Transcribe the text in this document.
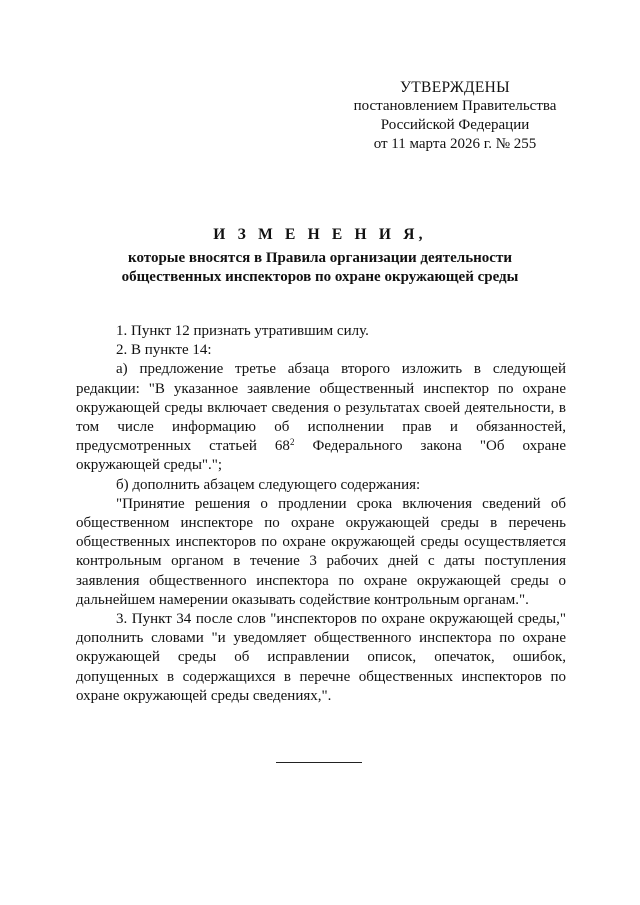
УТВЕРЖДЕНЫ
постановлением Правительства
Российской Федерации
от 11 марта 2026 г. № 255
И З М Е Н Е Н И Я,
которые вносятся в Правила организации деятельности
общественных инспекторов по охране окружающей среды

1. Пункт 12 признать утратившим силу.

2. В пункте 14:

а) предложение третье абзаца второго изложить в следующей редакции: "В указанное заявление общественный инспектор по охране окружающей среды включает сведения о результатах своей деятельности, в том числе информацию об исполнении прав и обязанностей, предусмотренных статьей $68^2$ Федерального закона "Об охране окружающей среды".";

б) дополнить абзацем следующего содержания:

"Принятие решения о продлении срока включения сведений об общественном инспекторе по охране окружающей среды в перечень общественных инспекторов по охране окружающей среды осуществляется контрольным органом в течение 3 рабочих дней с даты поступления заявления общественного инспектора по охране окружающей среды о дальнейшем намерении оказывать содействие контрольным органам.".

3. Пункт 34 после слов "инспекторов по охране окружающей среды," дополнить словами "и уведомляет общественного инспектора по охране окружающей среды об исправлении описок, опечаток, ошибок, допущенных в содержащихся в перечне общественных инспекторов по охране окружающей среды сведениях,".
